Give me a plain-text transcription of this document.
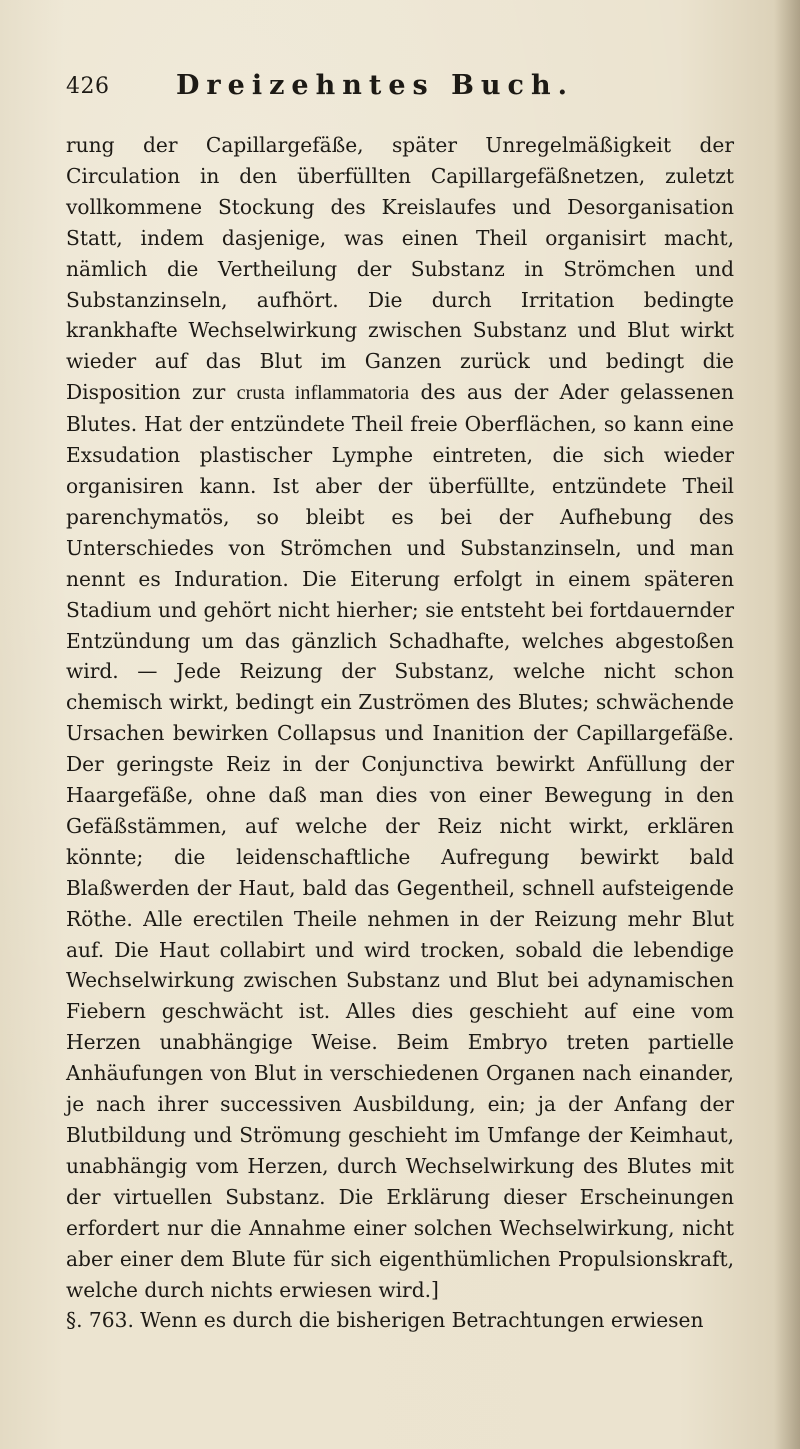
426 Dreizehntes Buch.

rung der Capillargefäße, später Unregelmäßigkeit der Circulation in den überfüllten Capillargefäßnetzen, zuletzt vollkommene Stockung des Kreislaufes und Desorganisation Statt, indem dasjenige, was einen Theil organisirt macht, nämlich die Vertheilung der Substanz in Strömchen und Substanzinseln, aufhört. Die durch Irritation bedingte krankhafte Wechselwirkung zwischen Substanz und Blut wirkt wieder auf das Blut im Ganzen zurück und bedingt die Disposition zur crusta inflammatoria des aus der Ader gelassenen Blutes. Hat der entzündete Theil freie Oberflächen, so kann eine Exsudation plastischer Lymphe eintreten, die sich wieder organisiren kann. Ist aber der überfüllte, entzündete Theil parenchymatös, so bleibt es bei der Aufhebung des Unterschiedes von Strömchen und Substanzinseln, und man nennt es Induration. Die Eiterung erfolgt in einem späteren Stadium und gehört nicht hierher; sie entsteht bei fortdauernder Entzündung um das gänzlich Schadhafte, welches abgestoßen wird. — Jede Reizung der Substanz, welche nicht schon chemisch wirkt, bedingt ein Zuströmen des Blutes; schwächende Ursachen bewirken Collapsus und Inanition der Capillargefäße. Der geringste Reiz in der Conjunctiva bewirkt Anfüllung der Haargefäße, ohne daß man dies von einer Bewegung in den Gefäßstämmen, auf welche der Reiz nicht wirkt, erklären könnte; die leidenschaftliche Aufregung bewirkt bald Blaßwerden der Haut, bald das Gegentheil, schnell aufsteigende Röthe. Alle erectilen Theile nehmen in der Reizung mehr Blut auf. Die Haut collabirt und wird trocken, sobald die lebendige Wechselwirkung zwischen Substanz und Blut bei adynamischen Fiebern geschwächt ist. Alles dies geschieht auf eine vom Herzen unabhängige Weise. Beim Embryo treten partielle Anhäufungen von Blut in verschiedenen Organen nach einander, je nach ihrer successiven Ausbildung, ein; ja der Anfang der Blutbildung und Strömung geschieht im Umfange der Keimhaut, unabhängig vom Herzen, durch Wechselwirkung des Blutes mit der virtuellen Substanz. Die Erklärung dieser Erscheinungen erfordert nur die Annahme einer solchen Wechselwirkung, nicht aber einer dem Blute für sich eigenthümlichen Propulsionskraft, welche durch nichts erwiesen wird.]

§. 763. Wenn es durch die bisherigen Betrachtungen erwiesen
